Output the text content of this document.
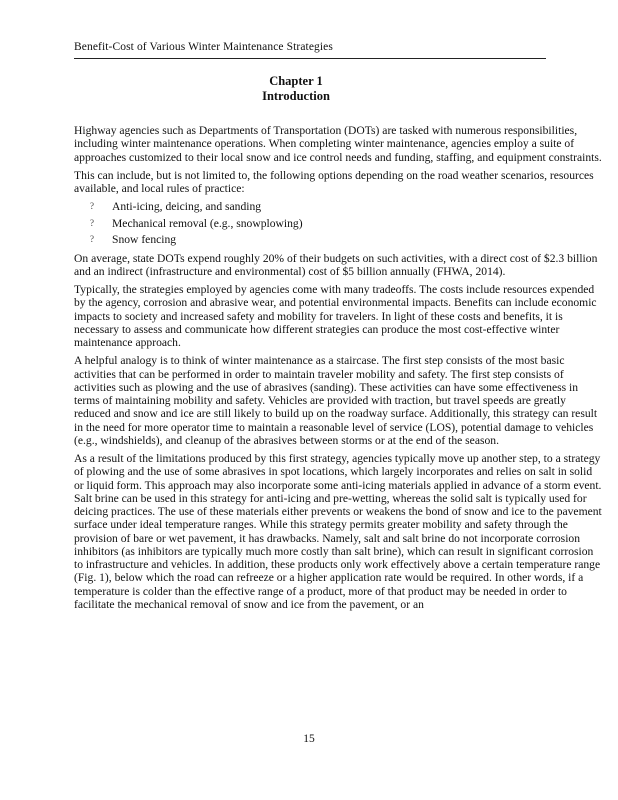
Benefit-Cost of Various Winter Maintenance Strategies
Chapter 1
Introduction

Highway agencies such as Departments of Transportation (DOTs) are tasked with numerous responsibilities, including winter maintenance operations. When completing winter maintenance, agencies employ a suite of approaches customized to their local snow and ice control needs and funding, staffing, and equipment constraints.

This can include, but is not limited to, the following options depending on the road weather scenarios, resources available, and local rules of practice:

? Anti-icing, deicing, and sanding
? Mechanical removal (e.g., snowplowing)
? Snow fencing

On average, state DOTs expend roughly 20% of their budgets on such activities, with a direct cost of $2.3 billion and an indirect (infrastructure and environmental) cost of $5 billion annually (FHWA, 2014).

Typically, the strategies employed by agencies come with many tradeoffs. The costs include resources expended by the agency, corrosion and abrasive wear, and potential environmental impacts. Benefits can include economic impacts to society and increased safety and mobility for travelers. In light of these costs and benefits, it is necessary to assess and communicate how different strategies can produce the most cost-effective winter maintenance approach.

A helpful analogy is to think of winter maintenance as a staircase. The first step consists of the most basic activities that can be performed in order to maintain traveler mobility and safety. The first step consists of activities such as plowing and the use of abrasives (sanding). These activities can have some effectiveness in terms of maintaining mobility and safety. Vehicles are provided with traction, but travel speeds are greatly reduced and snow and ice are still likely to build up on the roadway surface. Additionally, this strategy can result in the need for more operator time to maintain a reasonable level of service (LOS), potential damage to vehicles (e.g., windshields), and cleanup of the abrasives between storms or at the end of the season.

As a result of the limitations produced by this first strategy, agencies typically move up another step, to a strategy of plowing and the use of some abrasives in spot locations, which largely incorporates and relies on salt in solid or liquid form. This approach may also incorporate some anti-icing materials applied in advance of a storm event. Salt brine can be used in this strategy for anti-icing and pre-wetting, whereas the solid salt is typically used for deicing practices. The use of these materials either prevents or weakens the bond of snow and ice to the pavement surface under ideal temperature ranges. While this strategy permits greater mobility and safety through the provision of bare or wet pavement, it has drawbacks. Namely, salt and salt brine do not incorporate corrosion inhibitors (as inhibitors are typically much more costly than salt brine), which can result in significant corrosion to infrastructure and vehicles. In addition, these products only work effectively above a certain temperature range (Fig. 1), below which the road can refreeze or a higher application rate would be required. In other words, if a temperature is colder than the effective range of a product, more of that product may be needed in order to facilitate the mechanical removal of snow and ice from the pavement, or an

15
